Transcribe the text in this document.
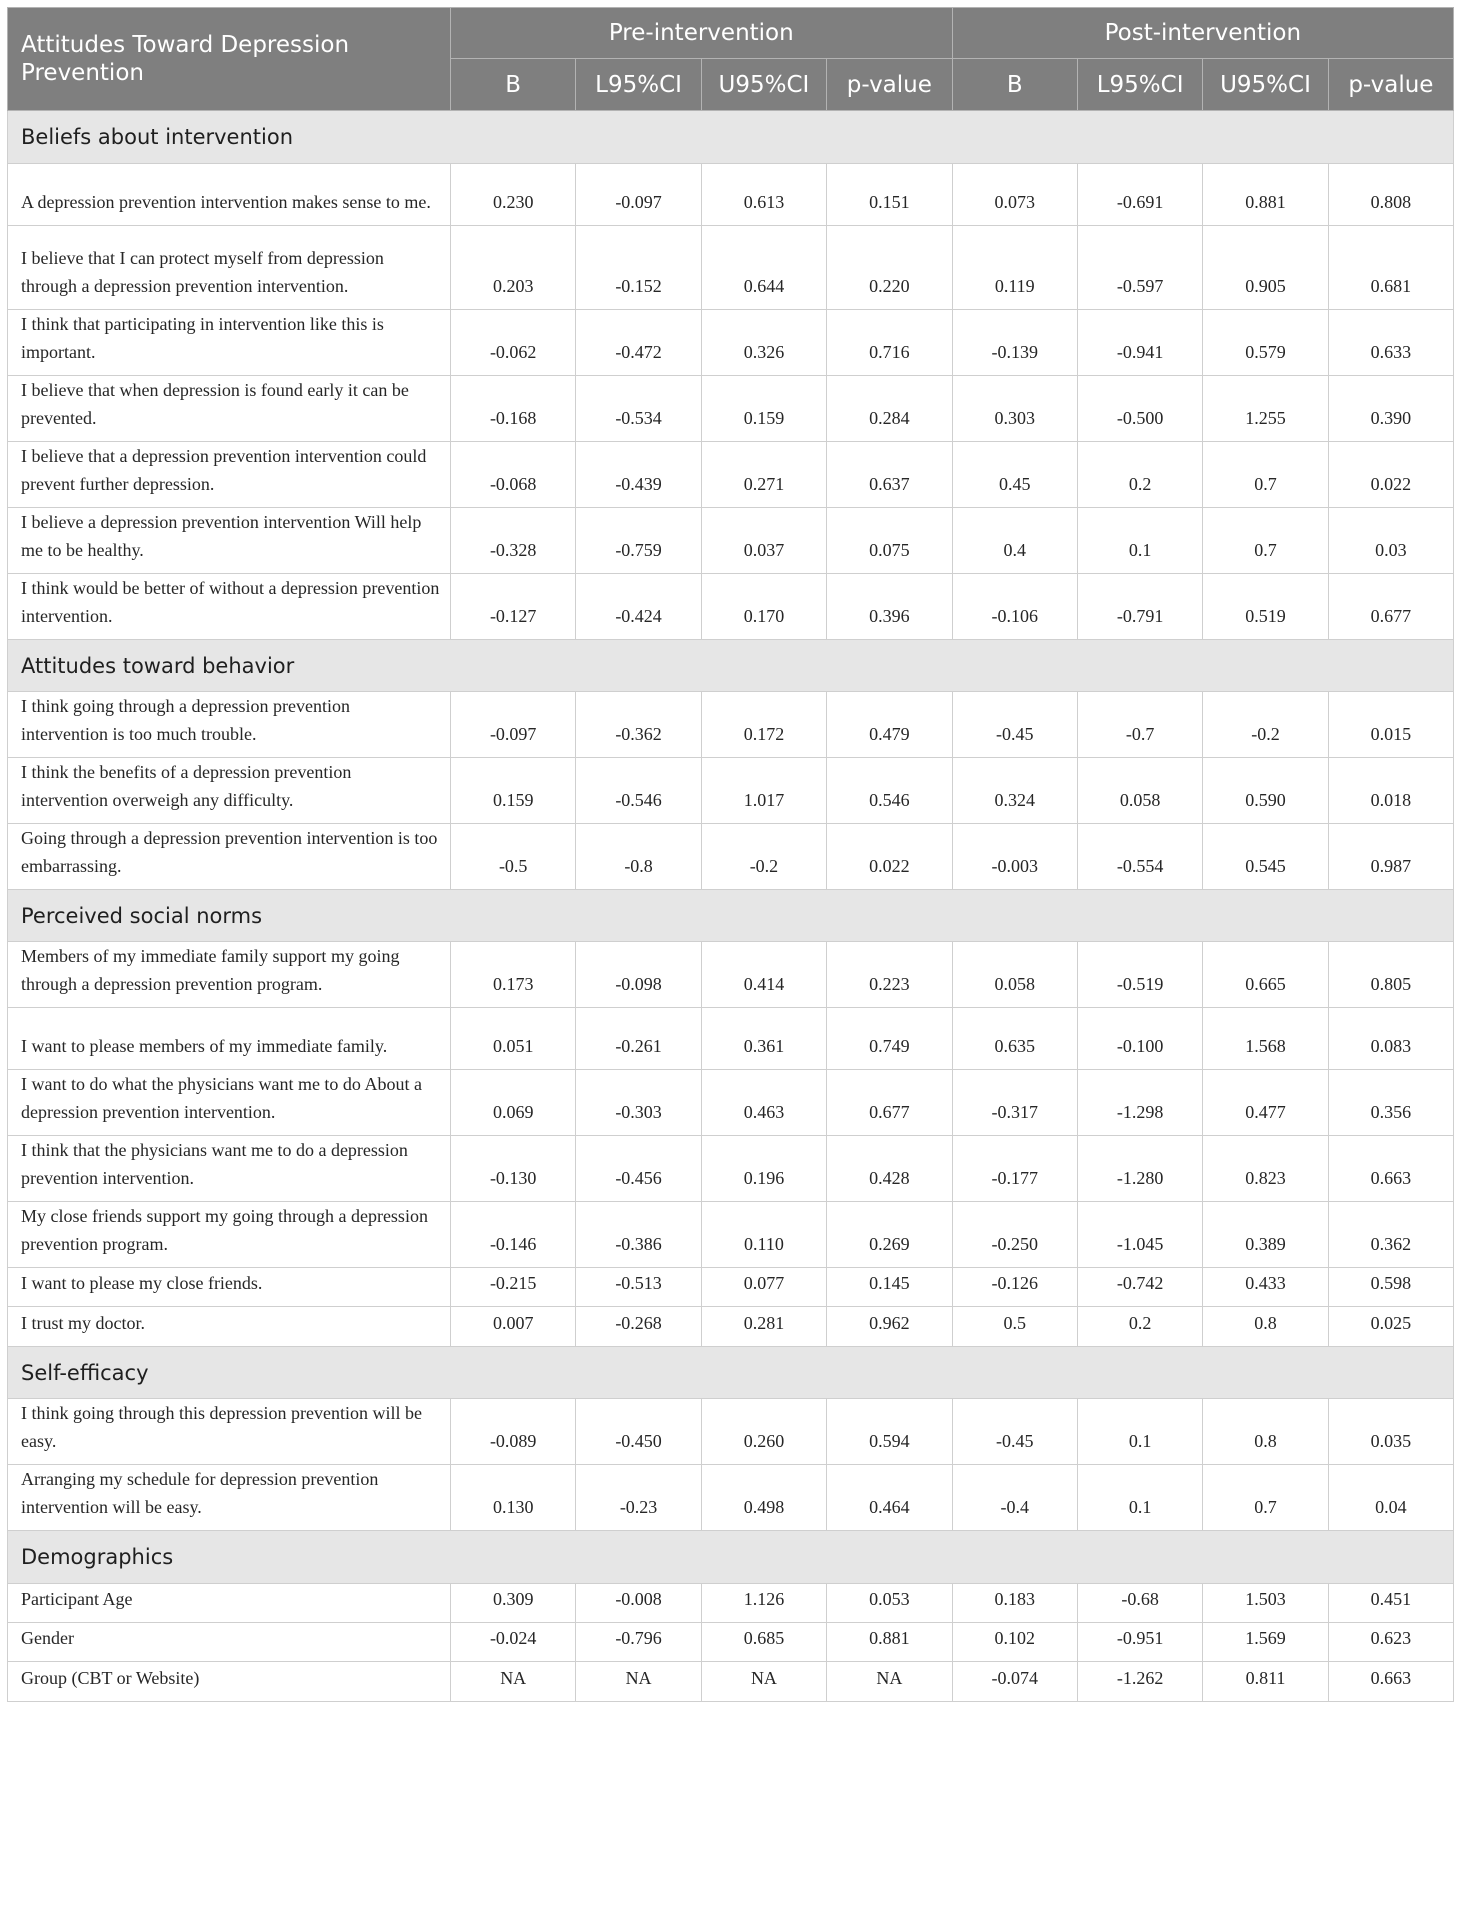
Attitudes Toward Depression Prevention	Pre-intervention				Post-intervention			
	B	L95%CI	U95%CI	p-value	B	L95%CI	U95%CI	p-value
Beliefs about intervention								
A depression prevention intervention makes sense to me.	0.230	-0.097	0.613	0.151	0.073	-0.691	0.881	0.808
I believe that I can protect myself from depression through a depression prevention intervention.	0.203	-0.152	0.644	0.220	0.119	-0.597	0.905	0.681
I think that participating in intervention like this is important.	-0.062	-0.472	0.326	0.716	-0.139	-0.941	0.579	0.633
I believe that when depression is found early it can be prevented.	-0.168	-0.534	0.159	0.284	0.303	-0.500	1.255	0.390
I believe that a depression prevention intervention could prevent further depression.	-0.068	-0.439	0.271	0.637	0.45	0.2	0.7	0.022
I believe a depression prevention intervention Will help me to be healthy.	-0.328	-0.759	0.037	0.075	0.4	0.1	0.7	0.03
I think would be better of without a depression prevention intervention.	-0.127	-0.424	0.170	0.396	-0.106	-0.791	0.519	0.677
Attitudes toward behavior								
I think going through a depression prevention intervention is too much trouble.	-0.097	-0.362	0.172	0.479	-0.45	-0.7	-0.2	0.015
I think the benefits of a depression prevention intervention overweigh any difficulty.	0.159	-0.546	1.017	0.546	0.324	0.058	0.590	0.018
Going through a depression prevention intervention is too embarrassing.	-0.5	-0.8	-0.2	0.022	-0.003	-0.554	0.545	0.987
Perceived social norms								
Members of my immediate family support my going through a depression prevention program.	0.173	-0.098	0.414	0.223	0.058	-0.519	0.665	0.805
I want to please members of my immediate family.	0.051	-0.261	0.361	0.749	0.635	-0.100	1.568	0.083
I want to do what the physicians want me to do About a depression prevention intervention.	0.069	-0.303	0.463	0.677	-0.317	-1.298	0.477	0.356
I think that the physicians want me to do a depression prevention intervention.	-0.130	-0.456	0.196	0.428	-0.177	-1.280	0.823	0.663
My close friends support my going through a depression prevention program.	-0.146	-0.386	0.110	0.269	-0.250	-1.045	0.389	0.362
I want to please my close friends.	-0.215	-0.513	0.077	0.145	-0.126	-0.742	0.433	0.598
I trust my doctor.	0.007	-0.268	0.281	0.962	0.5	0.2	0.8	0.025
Self-efficacy								
I think going through this depression prevention will be easy.	-0.089	-0.450	0.260	0.594	-0.45	0.1	0.8	0.035
Arranging my schedule for depression prevention intervention will be easy.	0.130	-0.23	0.498	0.464	-0.4	0.1	0.7	0.04
Demographics								
Participant Age	0.309	-0.008	1.126	0.053	0.183	-0.68	1.503	0.451
Gender	-0.024	-0.796	0.685	0.881	0.102	-0.951	1.569	0.623
Group (CBT or Website)	NA	NA	NA	NA	-0.074	-1.262	0.811	0.663
